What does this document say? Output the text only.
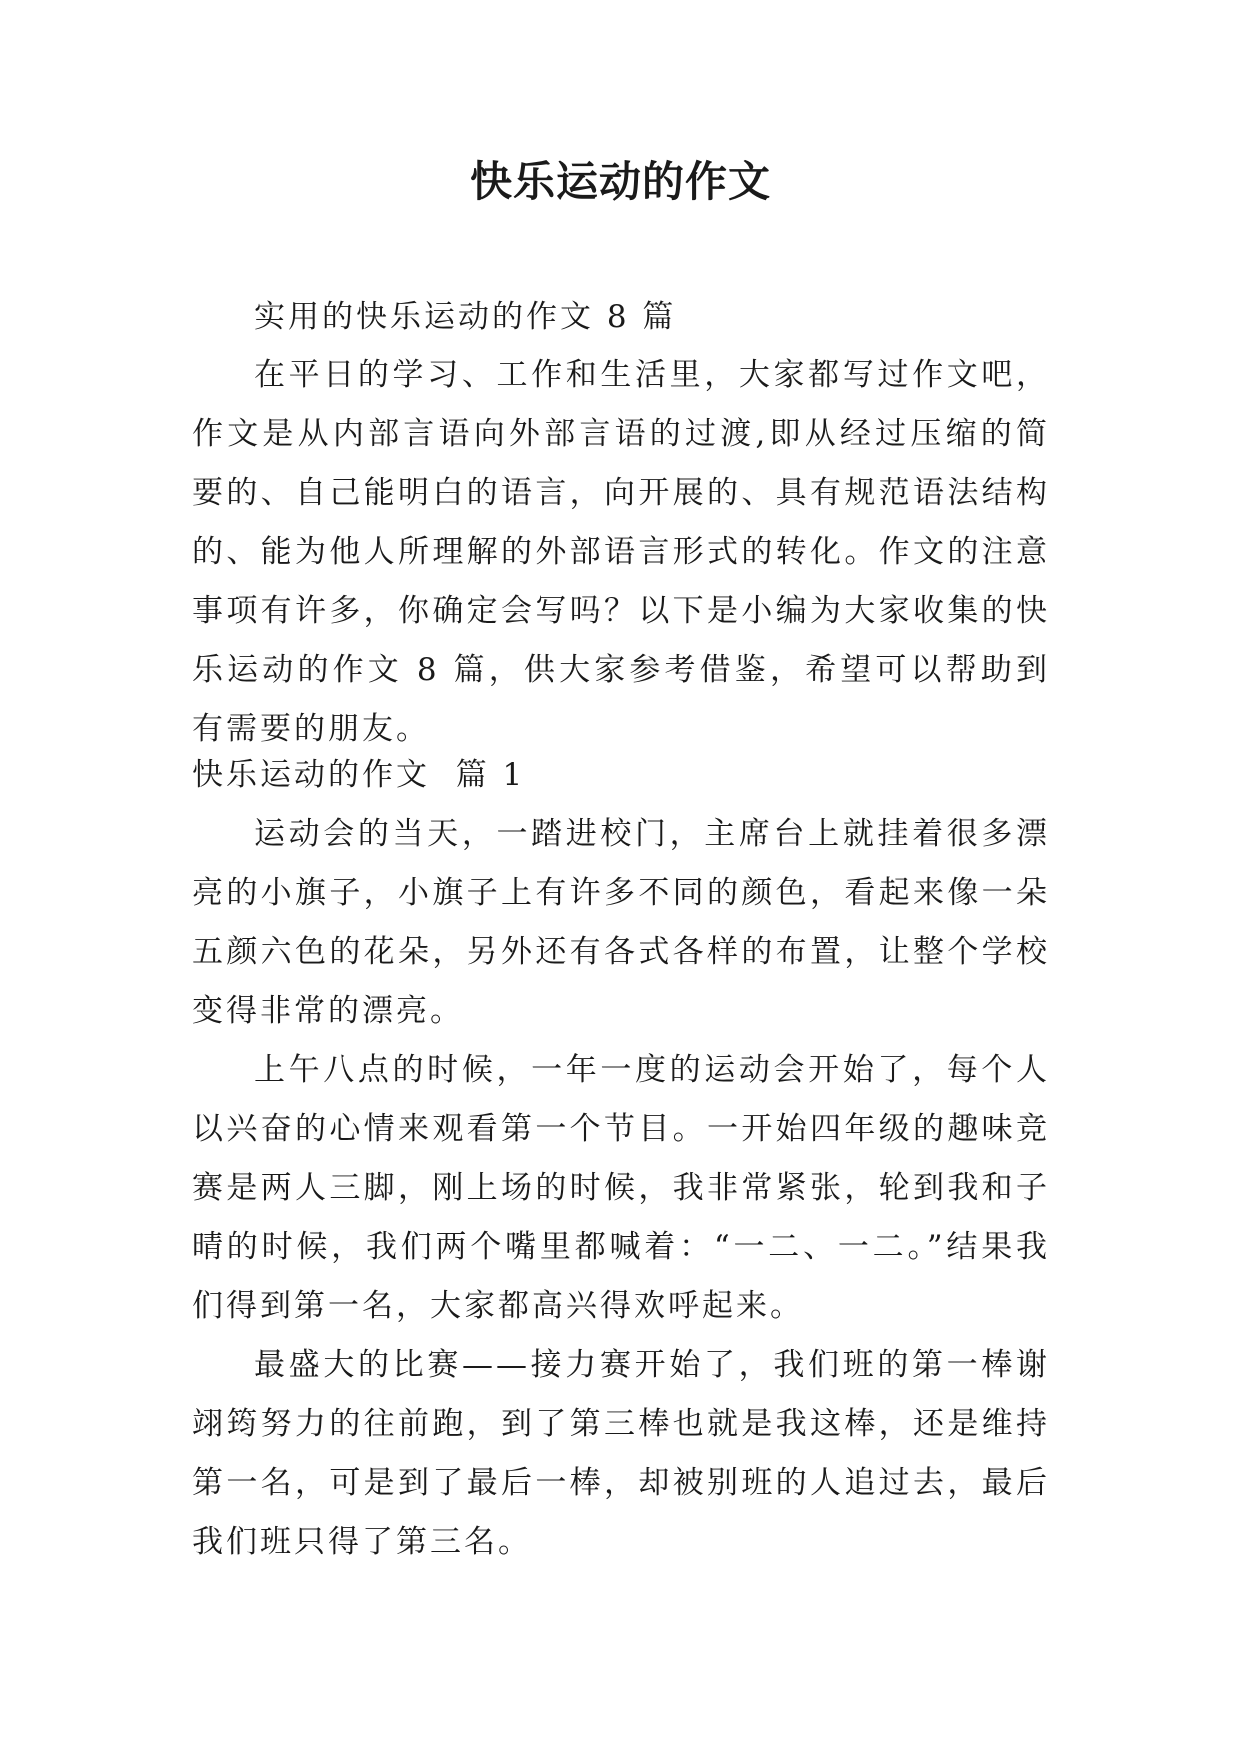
快乐运动的作文

实用的快乐运动的作文 8 篇

在平日的学习、工作和生活里，大家都写过作文吧，作文是从内部言语向外部言语的过渡,即从经过压缩的简要的、自己能明白的语言，向开展的、具有规范语法结构的、能为他人所理解的外部语言形式的转化。作文的注意事项有许多，你确定会写吗？以下是小编为大家收集的快乐运动的作文 8 篇，供大家参考借鉴，希望可以帮助到有需要的朋友。

快乐运动的作文  篇 1

运动会的当天，一踏进校门，主席台上就挂着很多漂亮的小旗子，小旗子上有许多不同的颜色，看起来像一朵五颜六色的花朵，另外还有各式各样的布置，让整个学校变得非常的漂亮。

上午八点的时候，一年一度的运动会开始了，每个人以兴奋的心情来观看第一个节目。一开始四年级的趣味竞赛是两人三脚，刚上场的时候，我非常紧张，轮到我和子晴的时候，我们两个嘴里都喊着：“一二、一二。”结果我们得到第一名，大家都高兴得欢呼起来。

最盛大的比赛——接力赛开始了，我们班的第一棒谢翊筠努力的往前跑，到了第三棒也就是我这棒，还是维持第一名，可是到了最后一棒，却被别班的人追过去，最后我们班只得了第三名。
